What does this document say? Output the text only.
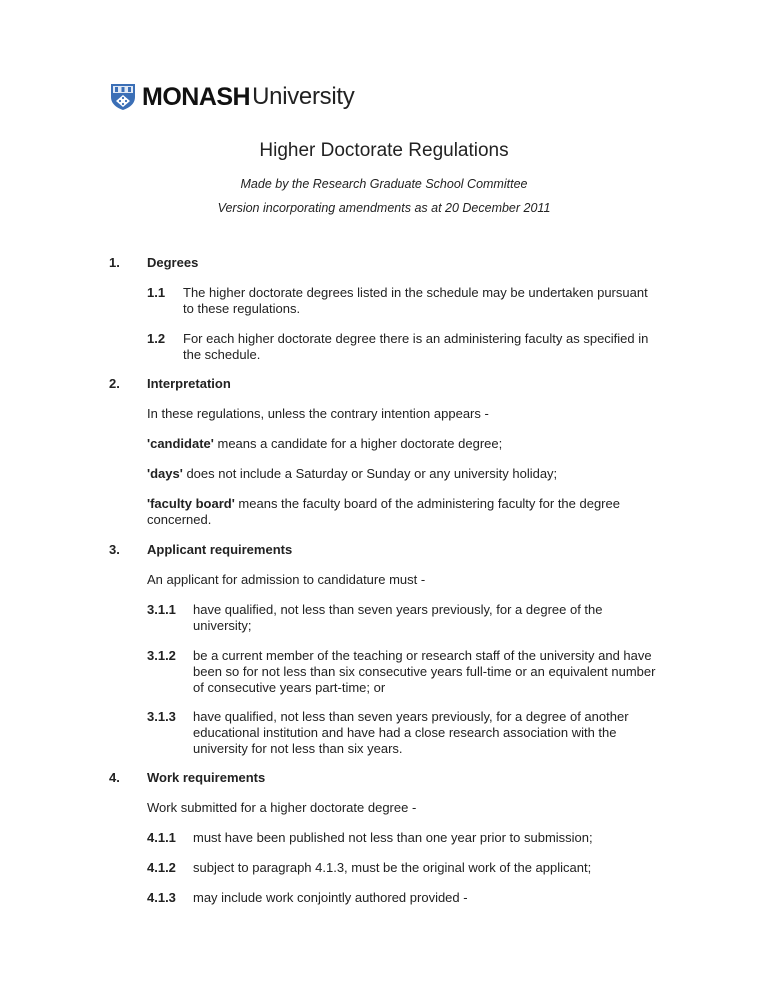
MONASH University
Higher Doctorate Regulations
Made by the Research Graduate School Committee
Version incorporating amendments as at 20 December 2011
1. Degrees
1.1 The higher doctorate degrees listed in the schedule may be undertaken pursuant to these regulations.
1.2 For each higher doctorate degree there is an administering faculty as specified in the schedule.
2. Interpretation
In these regulations, unless the contrary intention appears -
'candidate' means a candidate for a higher doctorate degree;
'days' does not include a Saturday or Sunday or any university holiday;
'faculty board' means the faculty board of the administering faculty for the degree concerned.
3. Applicant requirements
An applicant for admission to candidature must -
3.1.1 have qualified, not less than seven years previously, for a degree of the university;
3.1.2 be a current member of the teaching or research staff of the university and have been so for not less than six consecutive years full-time or an equivalent number of consecutive years part-time; or
3.1.3 have qualified, not less than seven years previously, for a degree of another educational institution and have had a close research association with the university for not less than six years.
4. Work requirements
Work submitted for a higher doctorate degree -
4.1.1 must have been published not less than one year prior to submission;
4.1.2 subject to paragraph 4.1.3, must be the original work of the applicant;
4.1.3 may include work conjointly authored provided -
